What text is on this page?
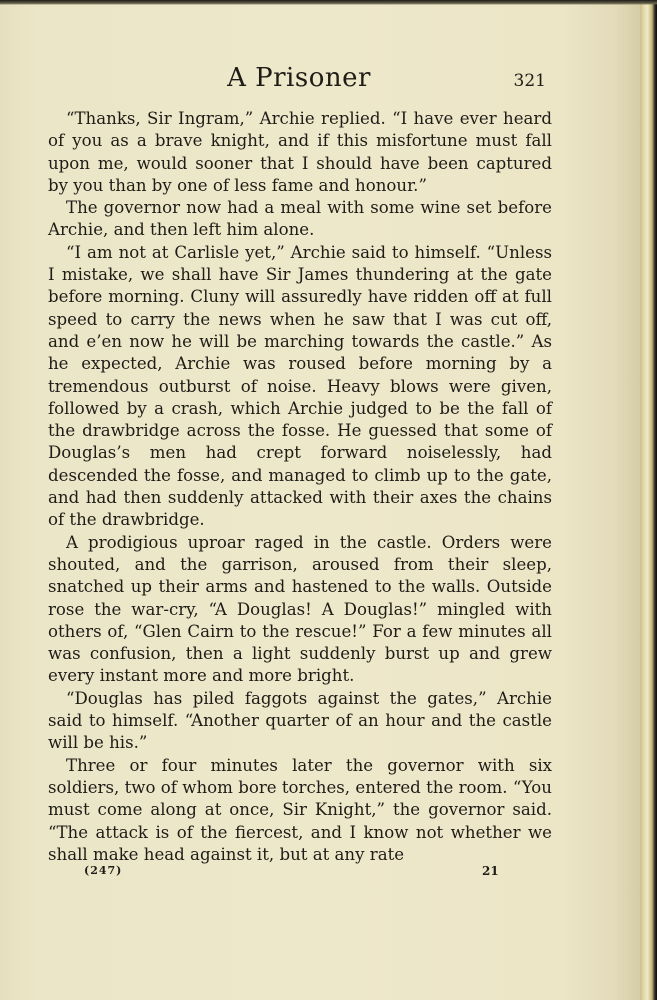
A Prisoner	321

“Thanks, Sir Ingram,” Archie replied. “I have ever heard of you as a brave knight, and if this misfortune must fall upon me, would sooner that I should have been captured by you than by one of less fame and honour.”

The governor now had a meal with some wine set before Archie, and then left him alone.

“I am not at Carlisle yet,” Archie said to himself. “Unless I mistake, we shall have Sir James thundering at the gate before morning. Cluny will assuredly have ridden off at full speed to carry the news when he saw that I was cut off, and e’en now he will be marching towards the castle.” As he expected, Archie was roused before morning by a tremendous outburst of noise. Heavy blows were given, followed by a crash, which Archie judged to be the fall of the drawbridge across the fosse. He guessed that some of Douglas’s men had crept forward noiselessly, had descended the fosse, and managed to climb up to the gate, and had then suddenly attacked with their axes the chains of the drawbridge.

A prodigious uproar raged in the castle. Orders were shouted, and the garrison, aroused from their sleep, snatched up their arms and hastened to the walls. Outside rose the war-cry, “A Douglas! A Douglas!” mingled with others of, “Glen Cairn to the rescue!” For a few minutes all was confusion, then a light suddenly burst up and grew every instant more and more bright.

“Douglas has piled faggots against the gates,” Archie said to himself. “Another quarter of an hour and the castle will be his.”

Three or four minutes later the governor with six soldiers, two of whom bore torches, entered the room. “You must come along at once, Sir Knight,” the governor said. “The attack is of the fiercest, and I know not whether we shall make head against it, but at any rate

(247)	21
